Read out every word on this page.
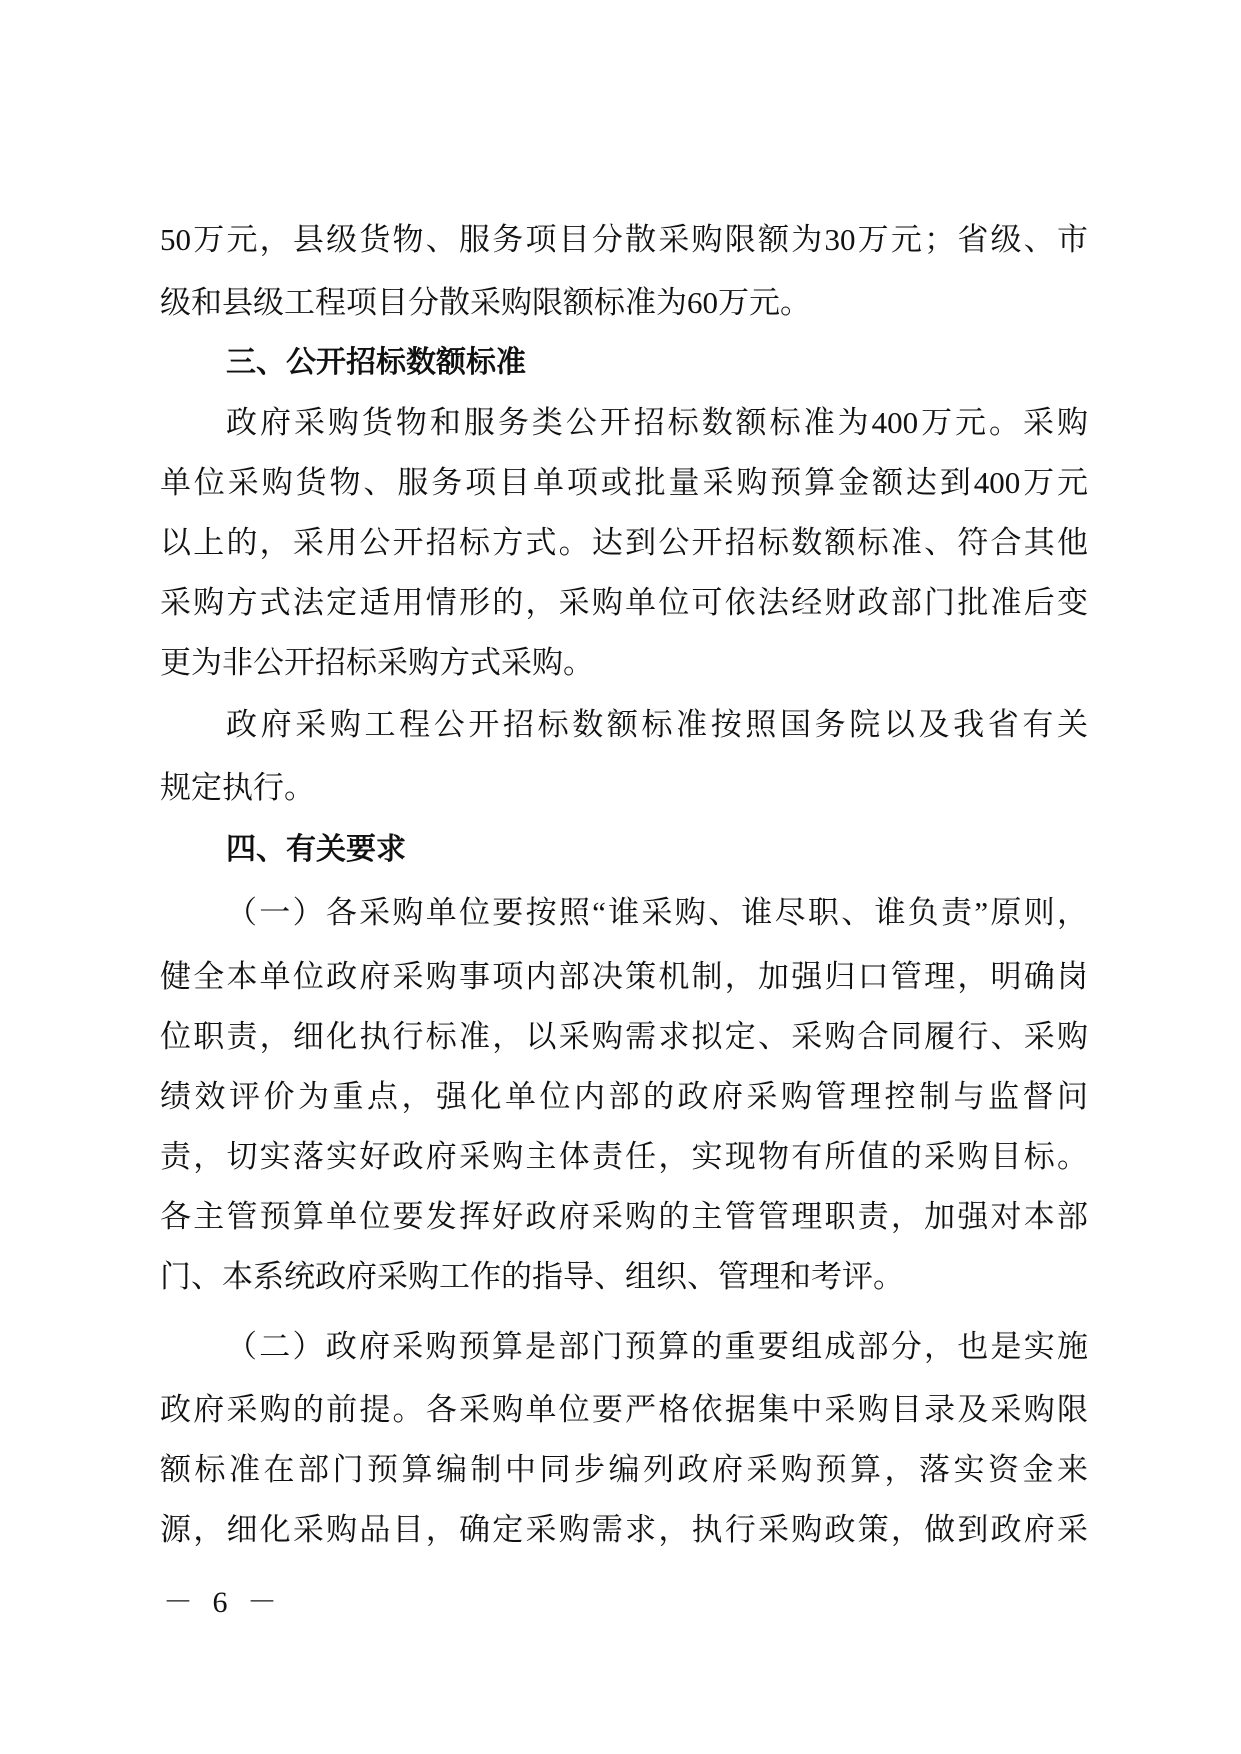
50万元，县级货物、服务项目分散采购限额为30万元；省级、市
级和县级工程项目分散采购限额标准为60万元。
三、公开招标数额标准
政府采购货物和服务类公开招标数额标准为400万元。采购
单位采购货物、服务项目单项或批量采购预算金额达到400万元
以上的，采用公开招标方式。达到公开招标数额标准、符合其他
采购方式法定适用情形的，采购单位可依法经财政部门批准后变
更为非公开招标采购方式采购。
政府采购工程公开招标数额标准按照国务院以及我省有关
规定执行。
四、有关要求
（一）各采购单位要按照“谁采购、谁尽职、谁负责”原则，
健全本单位政府采购事项内部决策机制，加强归口管理，明确岗
位职责，细化执行标准，以采购需求拟定、采购合同履行、采购
绩效评价为重点，强化单位内部的政府采购管理控制与监督问
责，切实落实好政府采购主体责任，实现物有所值的采购目标。
各主管预算单位要发挥好政府采购的主管管理职责，加强对本部
门、本系统政府采购工作的指导、组织、管理和考评。
（二）政府采购预算是部门预算的重要组成部分，也是实施
政府采购的前提。各采购单位要严格依据集中采购目录及采购限
额标准在部门预算编制中同步编列政府采购预算，落实资金来
源，细化采购品目，确定采购需求，执行采购政策，做到政府采
－ 6 －
